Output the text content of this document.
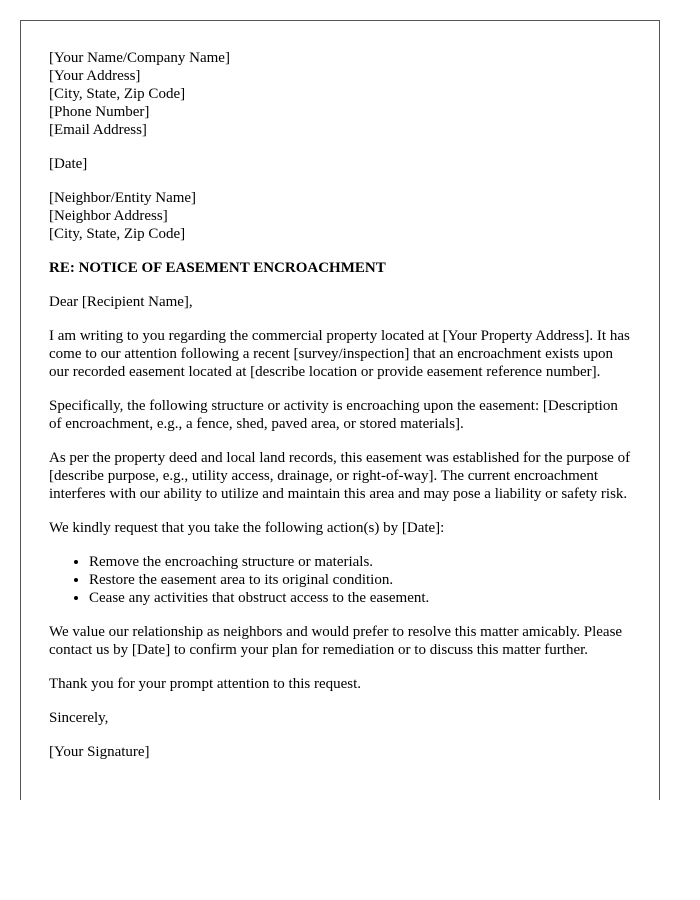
[Your Name/Company Name]
[Your Address]
[City, State, Zip Code]
[Phone Number]
[Email Address]

[Date]

[Neighbor/Entity Name]
[Neighbor Address]
[City, State, Zip Code]

RE: NOTICE OF EASEMENT ENCROACHMENT

Dear [Recipient Name],

I am writing to you regarding the commercial property located at [Your Property Address]. It has come to our attention following a recent [survey/inspection] that an encroachment exists upon our recorded easement located at [describe location or provide easement reference number].

Specifically, the following structure or activity is encroaching upon the easement: [Description of encroachment, e.g., a fence, shed, paved area, or stored materials].

As per the property deed and local land records, this easement was established for the purpose of [describe purpose, e.g., utility access, drainage, or right-of-way]. The current encroachment interferes with our ability to utilize and maintain this area and may pose a liability or safety risk.

We kindly request that you take the following action(s) by [Date]:

• Remove the encroaching structure or materials.
• Restore the easement area to its original condition.
• Cease any activities that obstruct access to the easement.

We value our relationship as neighbors and would prefer to resolve this matter amicably. Please contact us by [Date] to confirm your plan for remediation or to discuss this matter further.

Thank you for your prompt attention to this request.

Sincerely,

[Your Signature]
